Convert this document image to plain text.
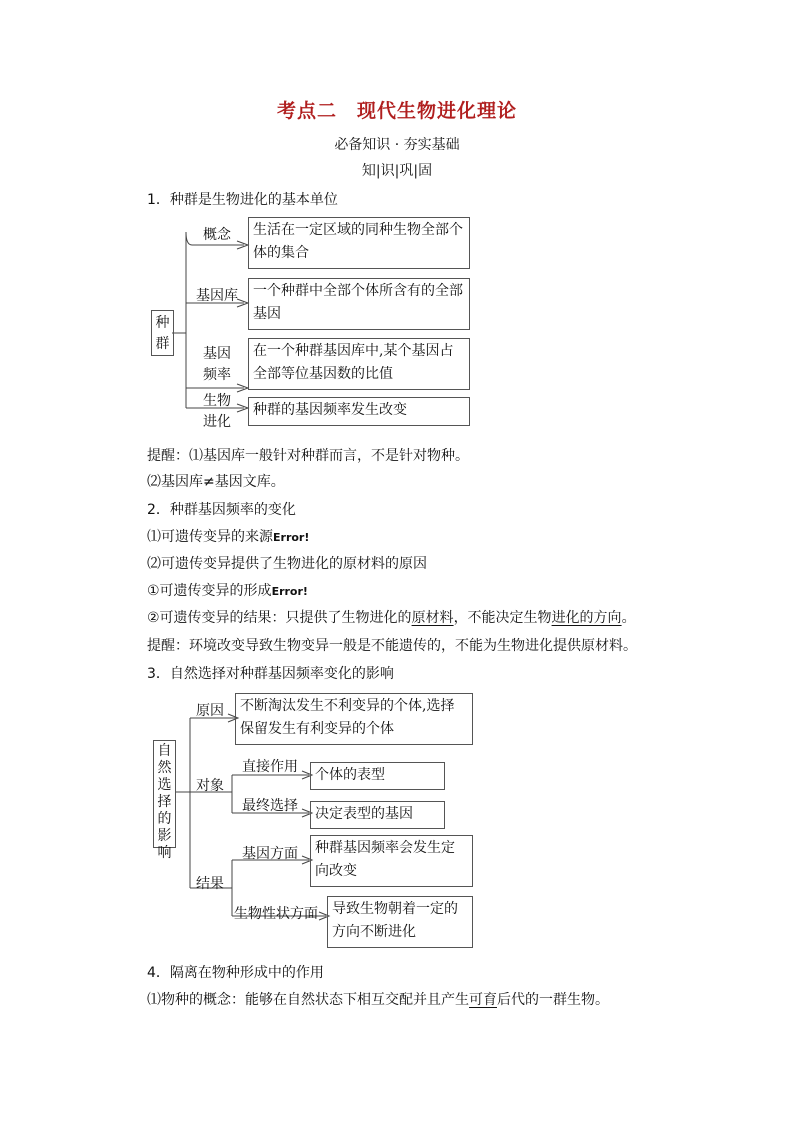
考点二　现代生物进化理论
必备知识 · 夯实基础
知|识|巩|固
1．种群是生物进化的基本单位
种群
概念
基因库
基因频率
生物进化
生活在一定区域的同种生物全部个体的集合
一个种群中全部个体所含有的全部基因
在一个种群基因库中,某个基因占全部等位基因数的比值
种群的基因频率发生改变
提醒：⑴基因库一般针对种群而言，不是针对物种。
⑵基因库≠基因文库。
2．种群基因频率的变化
⑴可遗传变异的来源Error!
⑵可遗传变异提供了生物进化的原材料的原因
①可遗传变异的形成Error!
②可遗传变异的结果：只提供了生物进化的原材料，不能决定生物进化的方向。
提醒：环境改变导致生物变异一般是不能遗传的，不能为生物进化提供原材料。
3．自然选择对种群基因频率变化的影响
自然选择的影响
原因	不断淘汰发生不利变异的个体,选择保留发生有利变异的个体
对象
直接作用	个体的表型
最终选择	决定表型的基因
结果
基因方面	种群基因频率会发生定向改变
生物性状方面	导致生物朝着一定的方向不断进化
4．隔离在物种形成中的作用
⑴物种的概念：能够在自然状态下相互交配并且产生可育后代的一群生物。
